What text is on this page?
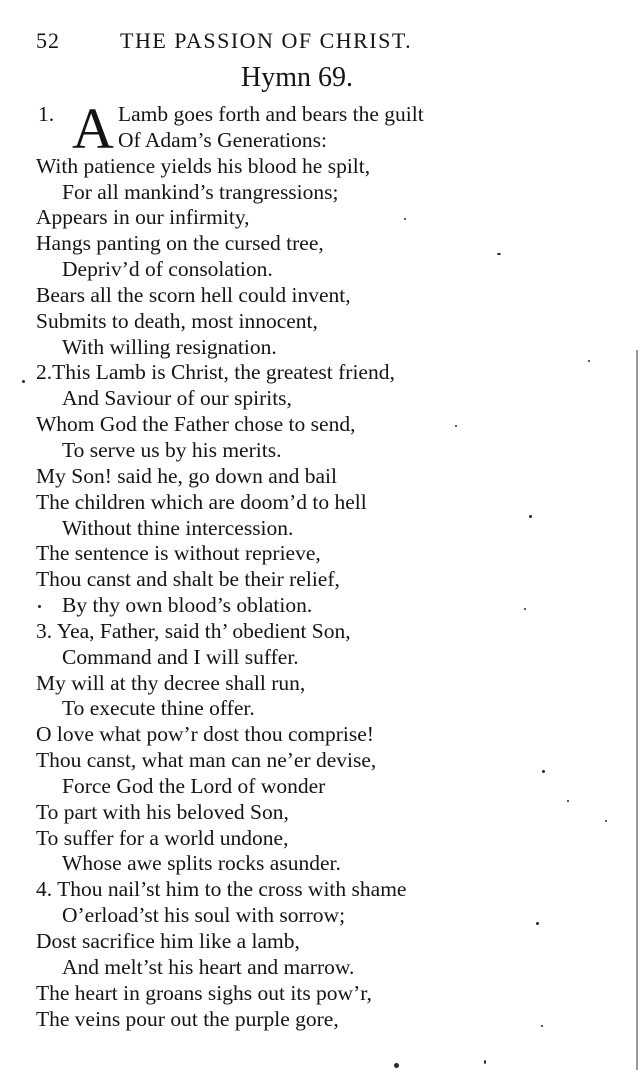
52	THE PASSION OF CHRIST.
Hymn 69.
1. A Lamb goes forth and bears the guilt
Of Adam’s Generations:
With patience yields his blood he spilt,
For all mankind’s trangressions;
Appears in our infirmity,
Hangs panting on the cursed tree,
Depriv’d of consolation.
Bears all the scorn hell could invent,
Submits to death, most innocent,
With willing resignation.
2.This Lamb is Christ, the greatest friend,
And Saviour of our spirits,
Whom God the Father chose to send,
To serve us by his merits.
My Son! said he, go down and bail
The children which are doom’d to hell
Without thine intercession.
The sentence is without reprieve,
Thou canst and shalt be their relief,
By thy own blood’s oblation.
3. Yea, Father, said th’ obedient Son,
Command and I will suffer.
My will at thy decree shall run,
To execute thine offer.
O love what pow’r dost thou comprise!
Thou canst, what man can ne’er devise,
Force God the Lord of wonder
To part with his beloved Son,
To suffer for a world undone,
Whose awe splits rocks asunder.
4. Thou nail’st him to the cross with shame
O’erload’st his soul with sorrow;
Dost sacrifice him like a lamb,
And melt’st his heart and marrow.
The heart in groans sighs out its pow’r,
The veins pour out the purple gore,
